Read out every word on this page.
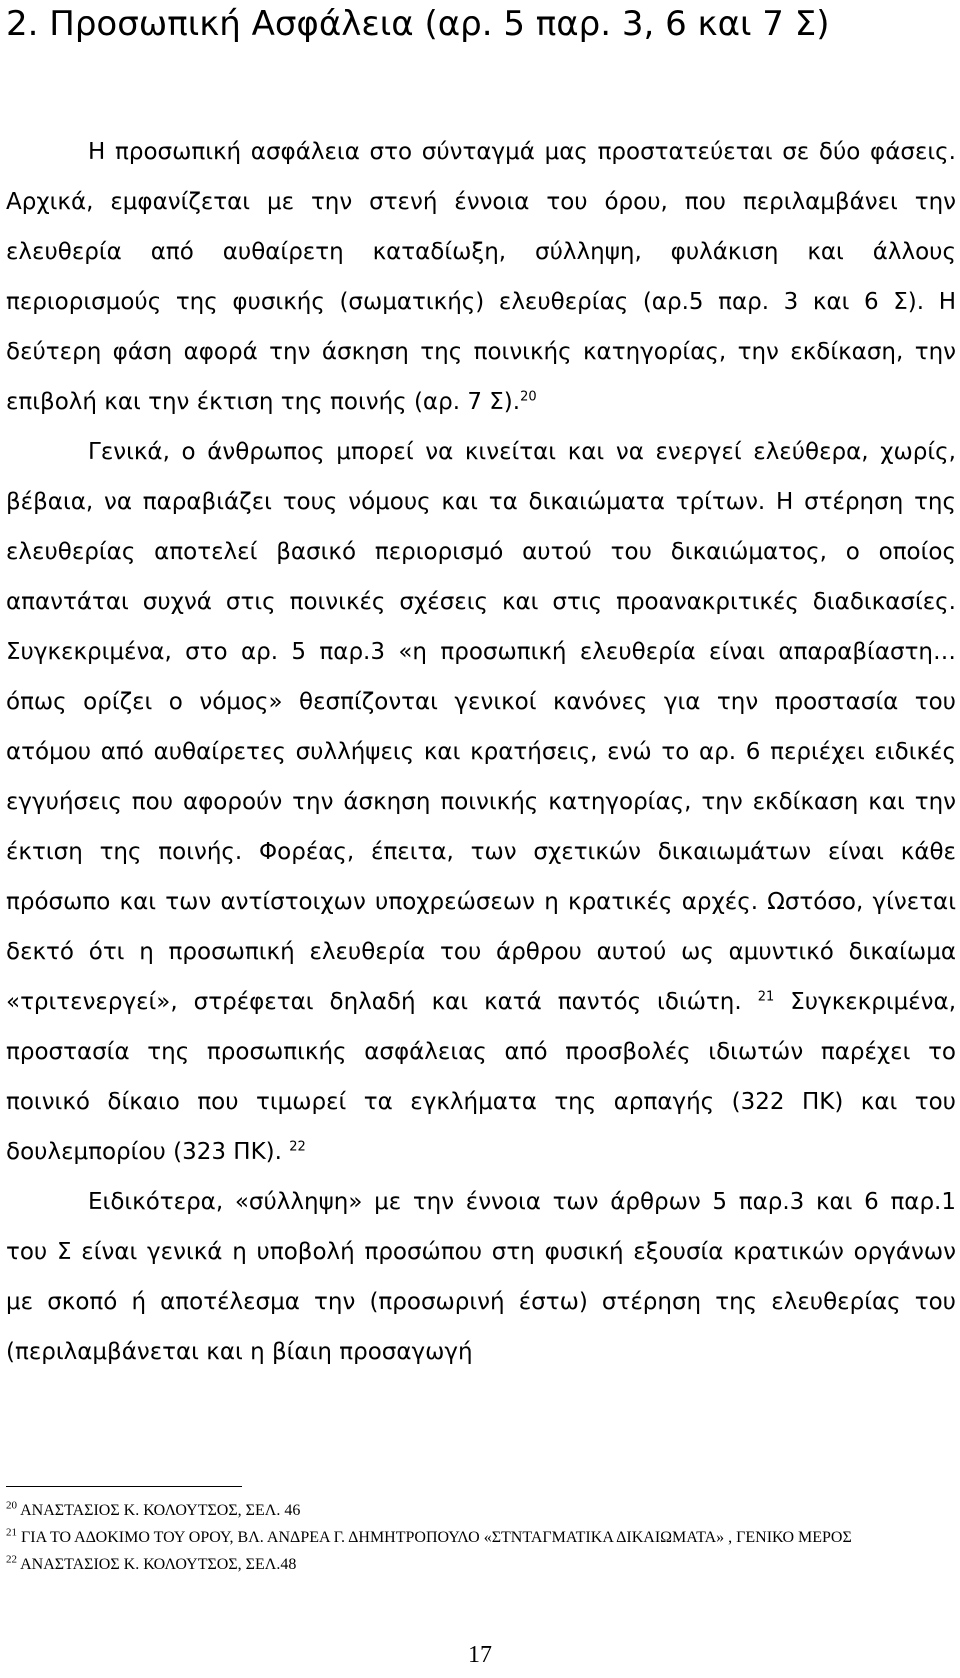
2. Προσωπική Ασφάλεια (αρ. 5 παρ. 3, 6 και 7 Σ)

Η προσωπική ασφάλεια στο σύνταγμά μας προστατεύεται σε δύο φάσεις. Αρχικά, εμφανίζεται με την στενή έννοια του όρου, που περιλαμβάνει την ελευθερία από αυθαίρετη καταδίωξη, σύλληψη, φυλάκιση και άλλους περιορισμούς της φυσικής (σωματικής) ελευθερίας (αρ.5 παρ. 3 και 6 Σ). Η δεύτερη φάση αφορά την άσκηση της ποινικής κατηγορίας, την εκδίκαση, την επιβολή και την έκτιση της ποινής (αρ. 7 Σ).$^{20}$

Γενικά, ο άνθρωπος μπορεί να κινείται και να ενεργεί ελεύθερα, χωρίς, βέβαια, να παραβιάζει τους νόμους και τα δικαιώματα τρίτων. Η στέρηση της ελευθερίας αποτελεί βασικό περιορισμό αυτού του δικαιώματος, ο οποίος απαντάται συχνά στις ποινικές σχέσεις και στις προανακριτικές διαδικασίες. Συγκεκριμένα, στο αρ. 5 παρ.3 «η προσωπική ελευθερία είναι απαραβίαστη… όπως ορίζει ο νόμος» θεσπίζονται γενικοί κανόνες για την προστασία του ατόμου από αυθαίρετες συλλήψεις και κρατήσεις, ενώ το αρ. 6 περιέχει ειδικές εγγυήσεις που αφορούν την άσκηση ποινικής κατηγορίας, την εκδίκαση και την έκτιση της ποινής. Φορέας, έπειτα, των σχετικών δικαιωμάτων είναι κάθε πρόσωπο και των αντίστοιχων υποχρεώσεων η κρατικές αρχές. Ωστόσο, γίνεται δεκτό ότι η προσωπική ελευθερία του άρθρου αυτού ως αμυντικό δικαίωμα «τριτενεργεί», στρέφεται δηλαδή και κατά παντός ιδιώτη. $^{21}$ Συγκεκριμένα, προστασία της προσωπικής ασφάλειας από προσβολές ιδιωτών παρέχει το ποινικό δίκαιο που τιμωρεί τα εγκλήματα της αρπαγής (322 ΠΚ) και του δουλεμπορίου (323 ΠΚ). $^{22}$

Ειδικότερα, «σύλληψη» με την έννοια των άρθρων 5 παρ.3 και 6 παρ.1 του Σ είναι γενικά η υποβολή προσώπου στη φυσική εξουσία κρατικών οργάνων με σκοπό ή αποτέλεσμα την (προσωρινή έστω) στέρηση της ελευθερίας του (περιλαμβάνεται και η βίαιη προσαγωγή

$^{20}$ ΑΝΑΣΤΑΣΙΟΣ Κ. ΚΟΛΟΥΤΣΟΣ, ΣΕΛ. 46
$^{21}$ ΓΙΑ ΤΟ ΑΔΟΚΙΜΟ ΤΟΥ ΟΡΟΥ, ΒΛ. ΑΝΔΡΕΑ Γ. ΔΗΜΗΤΡΟΠΟΥΛΟ «ΣΤΝΤΑΓΜΑΤΙΚΑ ΔΙΚΑΙΩΜΑΤΑ» , ΓΕΝΙΚΟ ΜΕΡΟΣ
$^{22}$ ΑΝΑΣΤΑΣΙΟΣ Κ. ΚΟΛΟΥΤΣΟΣ, ΣΕΛ.48
17
